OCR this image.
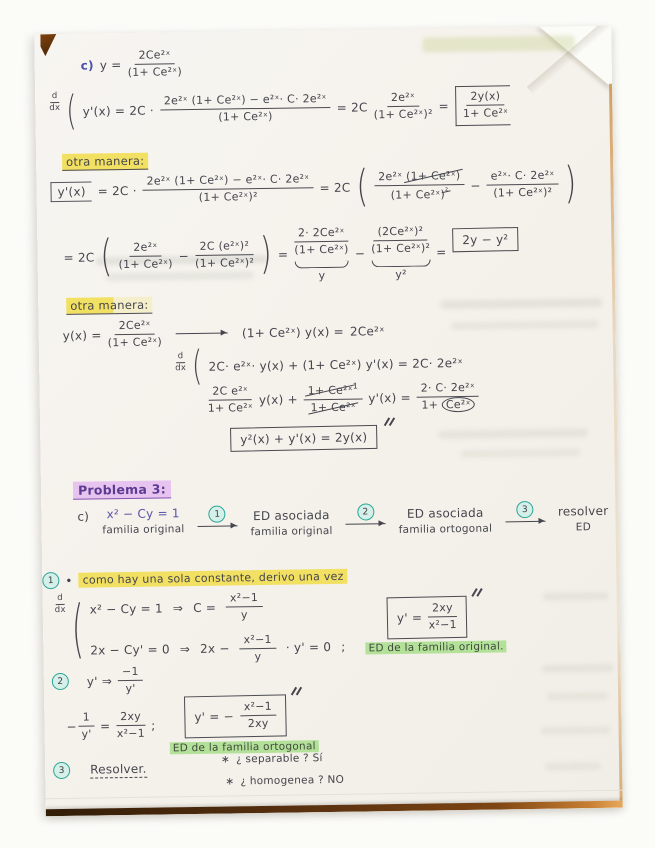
c) $y = \frac{\text{2Ce²ˣ}}{\text{(1+ Ce²ˣ)}}$
$\frac{d}{dx}$ ( $y'(x) = 2C \cdot \frac{\text{2e²ˣ (1+ Ce²ˣ) − e²ˣ· C· 2e²ˣ}}{\text{(1+ Ce²ˣ)}} = 2C \frac{\text{2e²ˣ}}{\text{(1+ Ce²ˣ)²}} = \frac{2y(x)}{\text{1+ Ce²ˣ}}$
otra manera:
$y'(x) = 2C \cdot \frac{\text{2e²ˣ (1+ Ce²ˣ) − e²ˣ· C· 2e²ˣ}}{\text{(1+ Ce²ˣ)²}} = 2C$ ( $\frac{\text{2e²ˣ (1+ Ce²ˣ)}}{(1+ Ce^2ˣ)^{^2}} - \frac{\text{e²ˣ· C· 2e²ˣ}}{\text{(1+ Ce²ˣ)²}}$ )
= 2C ( $\frac{\text{2e²ˣ}}{\text{(1+ Ce²ˣ)}} - \frac{\text{2C (e²ˣ)²}}{\text{(1+ Ce²ˣ)²}}$ ) = $\frac{\text{2· 2Ce²ˣ}}{\text{(1+ Ce²ˣ)}}$
y
− $\frac{\text{(2Ce²ˣ)²}}{\text{(1+ Ce²ˣ)²}}$
y²
=
2y − y²
otra manera:
$y(x) = \frac{\text{2Ce²ˣ}}{\text{(1+ Ce²ˣ)}}$	(1+ Ce²ˣ) y(x) = 2Ce²ˣ
$\frac{d}{dx}$ ( 2C· e²ˣ· y(x) + (1+ Ce²ˣ) y'(x) = 2C· 2e²ˣ
$\frac{\text{2C e²ˣ}}{\text{1+ Ce²ˣ}} y(x) + \frac{1+ Ce^2ˣ^1}{\text{1+ Ce²ˣ}} y'(x) = \frac{\text{2· C· 2e²ˣ}}{\text{1+ Ce²ˣ}}$
y²(x) + y'(x) = 2y(x)
Problema 3:
c) x² − Cy = 1
familia original
1	ED asociada
familia original
2	ED asociada
familia ortogonal
3	resolver
ED
1 • como hay una sola constante, derivo una vez
$\frac{d}{dx}$ ( x² − Cy = 1 ⇒ $C = \frac{\text{x²−1}}{y}$
2x − Cy' = 0 ⇒ $2x - \frac{\text{x²−1}}{y} \cdot y' = 0$ ;
$y' = \frac{2xy}{\text{x²−1}}$
ED de la familia original.
2	y' ⇒ $\frac{-1}{y'}$
− $\frac{1}{y'} = \frac{2xy}{\text{x²−1}}$ ;
y' = − $\frac{\text{x²−1}}{2xy}$
ED de la familia ortogonal
3	Resolver.
∗ ¿ separable ? Sí
∗ ¿ homogenea ? NO
